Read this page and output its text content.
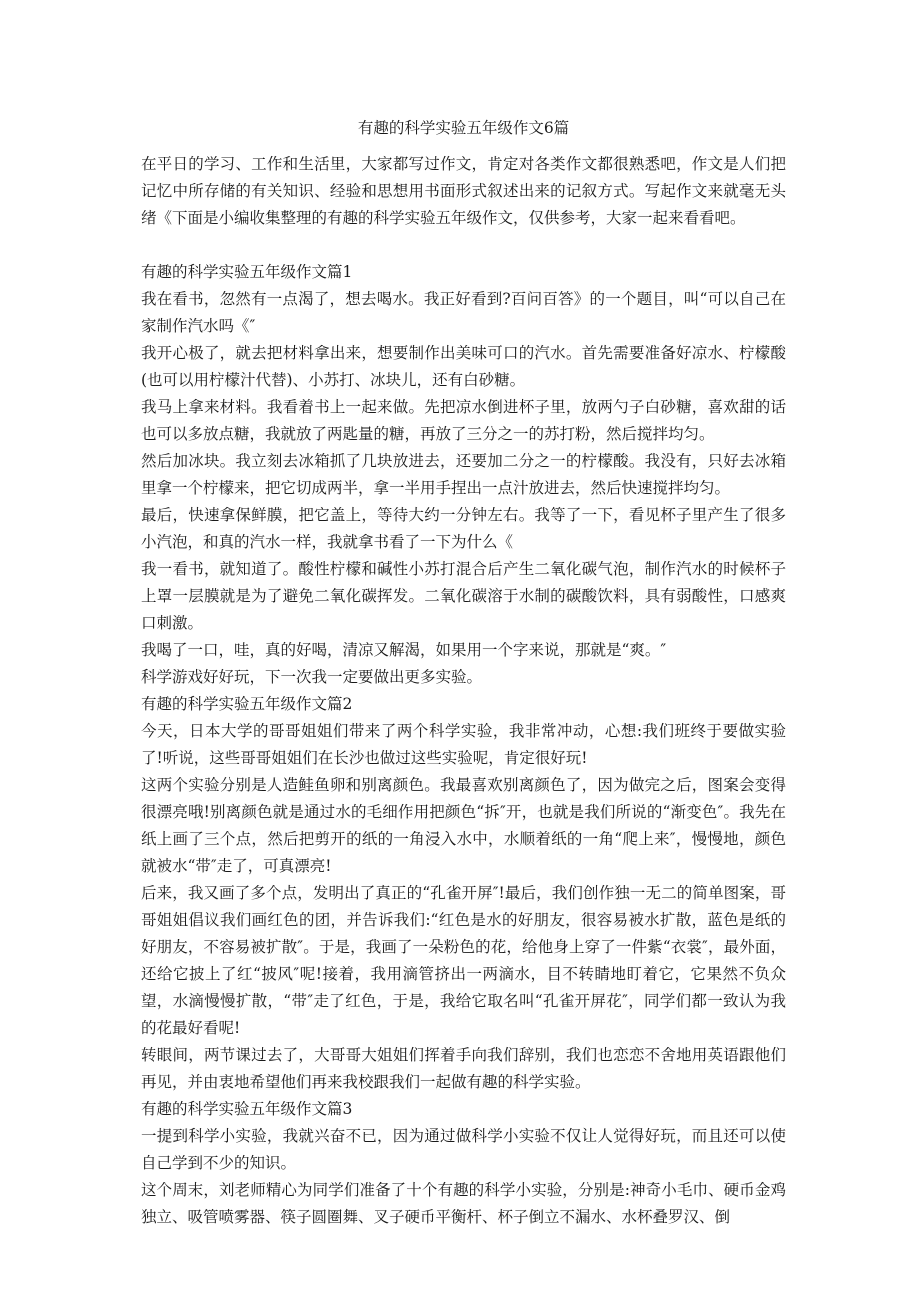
有趣的科学实验五年级作文6篇

在平日的学习、工作和生活里，大家都写过作文，肯定对各类作文都很熟悉吧，作文是人们把记忆中所存储的有关知识、经验和思想用书面形式叙述出来的记叙方式。写起作文来就毫无头绪《下面是小编收集整理的有趣的科学实验五年级作文，仅供参考，大家一起来看看吧。

有趣的科学实验五年级作文篇1

我在看书，忽然有一点渴了，想去喝水。我正好看到?百问百答》的一个题目，叫“可以自己在家制作汽水吗《″

我开心极了，就去把材料拿出来，想要制作出美味可口的汽水。首先需要准备好凉水、柠檬酸(也可以用柠檬汁代替)、小苏打、冰块儿，还有白砂糖。

我马上拿来材料。我看着书上一起来做。先把凉水倒进杯子里，放两勺子白砂糖，喜欢甜的话也可以多放点糖，我就放了两匙量的糖，再放了三分之一的苏打粉，然后搅拌均匀。

然后加冰块。我立刻去冰箱抓了几块放进去，还要加二分之一的柠檬酸。我没有，只好去冰箱里拿一个柠檬来，把它切成两半，拿一半用手捏出一点汁放进去，然后快速搅拌均匀。

最后，快速拿保鲜膜，把它盖上，等待大约一分钟左右。我等了一下，看见杯子里产生了很多小汽泡，和真的汽水一样，我就拿书看了一下为什么《

我一看书，就知道了。酸性柠檬和碱性小苏打混合后产生二氧化碳气泡，制作汽水的时候杯子上罩一层膜就是为了避免二氧化碳挥发。二氧化碳溶于水制的碳酸饮料，具有弱酸性，口感爽口刺激。

我喝了一口，哇，真的好喝，清凉又解渴，如果用一个字来说，那就是“爽。″

科学游戏好好玩，下一次我一定要做出更多实验。

有趣的科学实验五年级作文篇2

今天，日本大学的哥哥姐姐们带来了两个科学实验，我非常冲动，心想:我们班终于要做实验了!听说，这些哥哥姐姐们在长沙也做过这些实验呢，肯定很好玩!

这两个实验分别是人造鲑鱼卵和别离颜色。我最喜欢别离颜色了，因为做完之后，图案会变得很漂亮哦!别离颜色就是通过水的毛细作用把颜色“拆″开，也就是我们所说的“渐变色″。我先在纸上画了三个点，然后把剪开的纸的一角浸入水中，水顺着纸的一角“爬上来″，慢慢地，颜色就被水“带″走了，可真漂亮!

后来，我又画了多个点，发明出了真正的“孔雀开屏″!最后，我们创作独一无二的简单图案，哥哥姐姐倡议我们画红色的团，并告诉我们:“红色是水的好朋友，很容易被水扩散，蓝色是纸的好朋友，不容易被扩散″。于是，我画了一朵粉色的花，给他身上穿了一件紫“衣裳″，最外面，还给它披上了红“披风″呢!接着，我用滴管挤出一两滴水，目不转睛地盯着它，它果然不负众望，水滴慢慢扩散，“带″走了红色，于是，我给它取名叫“孔雀开屏花″，同学们都一致认为我的花最好看呢!

转眼间，两节课过去了，大哥哥大姐姐们挥着手向我们辞别，我们也恋恋不舍地用英语跟他们再见，并由衷地希望他们再来我校跟我们一起做有趣的科学实验。

有趣的科学实验五年级作文篇3

一提到科学小实验，我就兴奋不已，因为通过做科学小实验不仅让人觉得好玩，而且还可以使自己学到不少的知识。

这个周末，刘老师精心为同学们准备了十个有趣的科学小实验，分别是:神奇小毛巾、硬币金鸡独立、吸管喷雾器、筷子圆圈舞、叉子硬币平衡杆、杯子倒立不漏水、水杯叠罗汉、倒
